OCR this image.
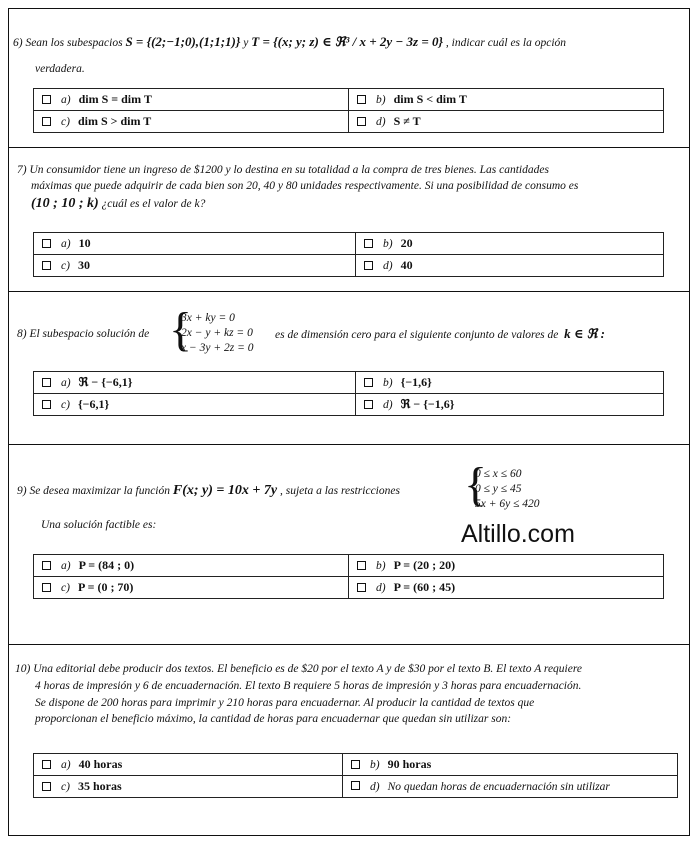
6) Sean los subespacios S = {(2;−1;0),(1;1;1)} y T = {(x; y; z) ∈ ℜ³ / x + 2y − 3z = 0} , indicar cuál es la opción
verdadera.
a) dim S = dim T	b) dim S < dim T
c) dim S > dim T	d) S ≠ T
7) Un consumidor tiene un ingreso de $1200 y lo destina en su totalidad a la compra de tres bienes. Las cantidades
máximas que puede adquirir de cada bien son 20, 40 y 80 unidades respectivamente. Si una posibilidad de consumo es
(10 ; 10 ; k) ¿cuál es el valor de k?
a) 10	b) 20
c) 30	d) 40
8) El subespacio solución de {
3x + ky = 0
2x − y + kz = 0
x − 3y + 2z = 0
es de dimensión cero para el siguiente conjunto de valores de k ∈ ℜ :
a) ℜ − {−6,1}	b) {−1,6}
c) {−6,1}	d) ℜ − {−1,6}
9) Se desea maximizar la función F(x; y) = 10x + 7y , sujeta a las restricciones {
0 ≤ x ≤ 60
0 ≤ y ≤ 45
5x + 6y ≤ 420
Una solución factible es:
a) P = (84 ; 0)	b) P = (20 ; 20)
c) P = (0 ; 70)	d) P = (60 ; 45)
Altillo.com
10) Una editorial debe producir dos textos. El beneficio es de $20 por el texto A y de $30 por el texto B. El texto A requiere
4 horas de impresión y 6 de encuadernación. El texto B requiere 5 horas de impresión y 3 horas para encuadernación.
Se dispone de 200 horas para imprimir y 210 horas para encuadernar. Al producir la cantidad de textos que
proporcionan el beneficio máximo, la cantidad de horas para encuadernar que quedan sin utilizar son:
a) 40 horas	b) 90 horas
c) 35 horas	d) No quedan horas de encuadernación sin utilizar
